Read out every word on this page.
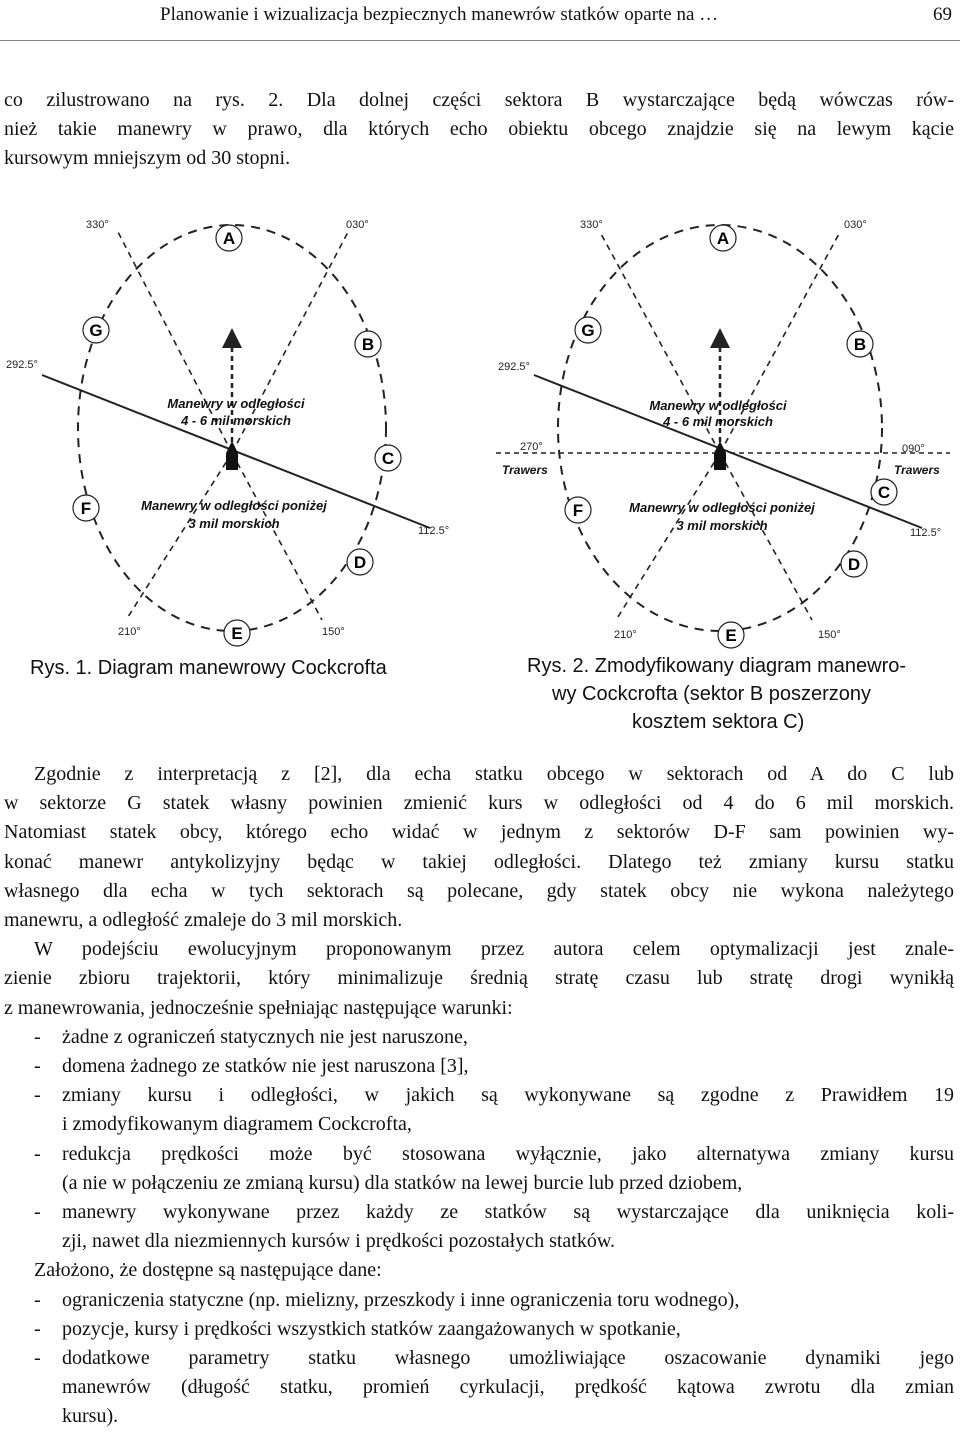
Planowanie i wizualizacja bezpiecznych manewrów statków oparte na …	69
co zilustrowano na rys. 2. Dla dolnej części sektora B wystarczające będą wówczas rów-
nież takie manewry w prawo, dla których echo obiektu obcego znajdzie się na lewym kącie
kursowym mniejszym od 30 stopni.
330°	030°
292.5°
112.5°
210°	150°
A
B
C
D
E
F
G
Manewry w odległości
4 - 6 mil morskich
Manewry w odległości poniżej
3 mil morskich
330°	030°
292.5°
112.5°
210°	150°
270°	090°
Trawers	Trawers
A
B
C
D
E
F
G
Manewry w odległości
4 - 6 mil morskich
Manewry w odległości poniżej
3 mil morskich
Rys. 1. Diagram manewrowy Cockcrofta	Rys. 2. Zmodyfikowany diagram manewro-
wy Cockcrofta (sektor B poszerzony
kosztem sektora C)
Zgodnie z interpretacją z [2], dla echa statku obcego w sektorach od A do C lub
w sektorze G statek własny powinien zmienić kurs w odległości od 4 do 6 mil morskich.
Natomiast statek obcy, którego echo widać w jednym z sektorów D-F sam powinien wy-
konać manewr antykolizyjny będąc w takiej odległości. Dlatego też zmiany kursu statku
własnego dla echa w tych sektorach są polecane, gdy statek obcy nie wykona należytego
manewru, a odległość zmaleje do 3 mil morskich.
W podejściu ewolucyjnym proponowanym przez autora celem optymalizacji jest znale-
zienie zbioru trajektorii, który minimalizuje średnią stratę czasu lub stratę drogi wynikłą
z manewrowania, jednocześnie spełniając następujące warunki:
- żadne z ograniczeń statycznych nie jest naruszone,
- domena żadnego ze statków nie jest naruszona [3],
- zmiany kursu i odległości, w jakich są wykonywane są zgodne z Prawidłem 19
i zmodyfikowanym diagramem Cockcrofta,
- redukcja prędkości może być stosowana wyłącznie, jako alternatywa zmiany kursu
(a nie w połączeniu ze zmianą kursu) dla statków na lewej burcie lub przed dziobem,
- manewry wykonywane przez każdy ze statków są wystarczające dla uniknięcia koli-
zji, nawet dla niezmiennych kursów i prędkości pozostałych statków.
Założono, że dostępne są następujące dane:
- ograniczenia statyczne (np. mielizny, przeszkody i inne ograniczenia toru wodnego),
- pozycje, kursy i prędkości wszystkich statków zaangażowanych w spotkanie,
- dodatkowe parametry statku własnego umożliwiające oszacowanie dynamiki jego
manewrów (długość statku, promień cyrkulacji, prędkość kątowa zwrotu dla zmian
kursu).
